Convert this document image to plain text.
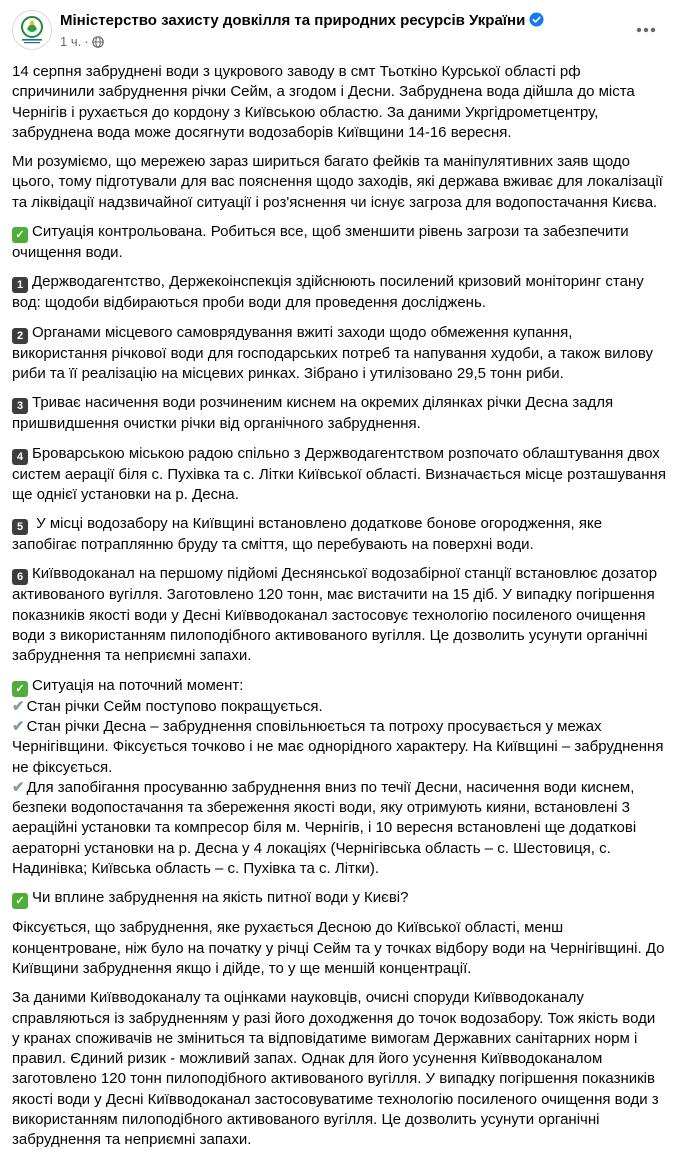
Міністерство захисту довкілля та природних ресурсів України
1 ч. ·

14 серпня забруднені води з цукрового заводу в смт Тьоткіно Курської області рф спричинили забруднення річки Сейм, а згодом і Десни. Забруднена вода дійшла до міста Чернігів і рухається до кордону з Київською областю. За даними Укргідрометцентру, забруднена вода може досягнути водозаборів Київщини 14-16 вересня.

Ми розуміємо, що мережею зараз шириться багато фейків та маніпулятивних заяв щодо цього, тому підготували для вас пояснення щодо заходів, які держава вживає для локалізації та ліквідації надзвичайної ситуації і роз'яснення чи існує загроза для водопостачання Києва.

✓ Ситуація контрольована. Робиться все, щоб зменшити рівень загрози та забезпечити очищення води.

1 Держводагентство, Держекоінспекція здійснюють посилений кризовий моніторинг стану вод: щодоби відбираються проби води для проведення досліджень.

2 Органами місцевого самоврядування вжиті заходи щодо обмеження купання, використання річкової води для господарських потреб та напування худоби, а також вилову риби та її реалізацію на місцевих ринках. Зібрано і утилізовано 29,5 тонн риби.

3 Триває насичення води розчиненим киснем на окремих ділянках річки Десна задля пришвидшення очистки річки від органічного забруднення.

4 Броварською міською радою спільно з Держводагентством розпочато облаштування двох систем аерації біля с. Пухівка та с. Літки Київської області. Визначається місце розташування ще однієї установки на р. Десна.

5 У місці водозабору на Київщині встановлено додаткове бонове огородження, яке запобігає потраплянню бруду та сміття, що перебувають на поверхні води.

6 Київводоканал на першому підйомі Деснянської водозабірної станції встановлює дозатор активованого вугілля. Заготовлено 120 тонн, має вистачити на 15 діб. У випадку погіршення показників якості води у Десні Київводоканал застосовує технологію посиленого очищення води з використанням пилоподібного активованого вугілля. Це дозволить усунути органічні забруднення та неприємні запахи.

✓ Ситуація на поточний момент:
✔ Стан річки Сейм поступово покращується.
✔ Стан річки Десна – забруднення сповільнюється та потроху просувається у межах Чернігівщини. Фіксується точково і не має однорідного характеру. На Київщині – забруднення не фіксується.
✔ Для запобігання просуванню забруднення вниз по течії Десни, насичення води киснем, безпеки водопостачання та збереження якості води, яку отримують кияни, встановлені 3 аераційні установки та компресор біля м. Чернігів, і 10 вересня встановлені ще додаткові аераторні установки на р. Десна у 4 локаціях (Чернігівська область – с. Шестовиця, с. Надинівка; Київська область – с. Пухівка та с. Літки).

✓ Чи вплине забруднення на якість питної води у Києві?

Фіксується, що забруднення, яке рухається Десною до Київської області, менш концентроване, ніж було на початку у річці Сейм та у точках відбору води на Чернігівщині. До Київщини забруднення якщо і дійде, то у ще меншій концентрації.

За даними Київводоканалу та оцінками науковців, очисні споруди Київводоканалу справляються із забрудненням у разі його доходження до точок водозабору. Тож якість води у кранах споживачів не зміниться та відповідатиме вимогам Державних санітарних норм і правил. Єдиний ризик - можливий запах. Однак для його усунення Київводоканалом заготовлено 120 тонн пилоподібного активованого вугілля. У випадку погіршення показників якості води у Десні Київводоканал застосовуватиме технологію посиленого очищення води з використанням пилоподібного активованого вугілля. Це дозволить усунути органічні забруднення та неприємні запахи.
